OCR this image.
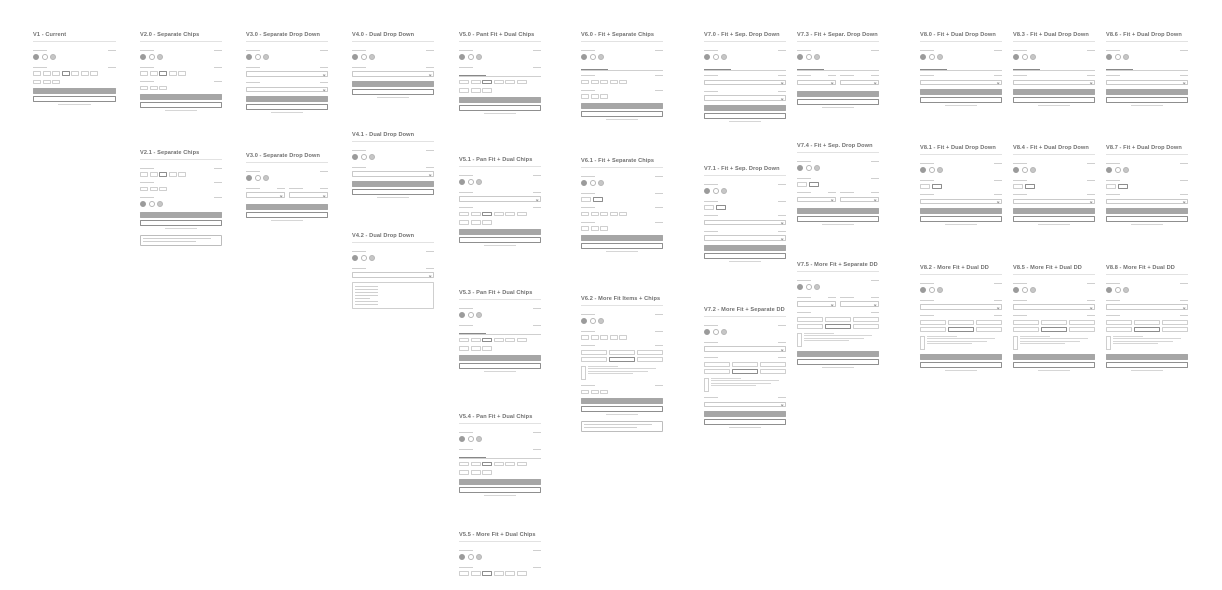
V1 - Current	V2.0 - Separate Chips
V2.1 - Separate Chips
V3.0 - Separate Drop Down
V3.0 - Separate Drop Down
V4.0 - Dual Drop Down
V4.1 - Dual Drop Down
V4.2 - Dual Drop Down
V5.0 - Pant Fit + Dual Chips
V5.1 - Pan Fit + Dual Chips
V5.3 - Pan Fit + Dual Chips
V5.4 - Pan Fit + Dual Chips
V5.5 - More Fit + Dual Chips
V6.0 - Fit + Separate Chips
V6.1 - Fit + Separate Chips
V6.2 - More Fit Items + Chips
V7.0 - Fit + Sep. Drop Down
V7.1 - Fit + Sep. Drop Down
V7.2 - More Fit + Separate DD
V7.3 - Fit + Separ. Drop Down
V7.4 - Fit + Sep. Drop Down
V7.5 - More Fit + Separate DD
V8.0 - Fit + Dual Drop Down
V8.1 - Fit + Dual Drop Down
V8.2 - More Fit + Dual DD
V8.3 - Fit + Dual Drop Down
V8.4 - Fit + Dual Drop Down
V8.5 - More Fit + Dual DD
V8.6 - Fit + Dual Drop Down
V8.7 - Fit + Dual Drop Down
V8.8 - More Fit + Dual DD
